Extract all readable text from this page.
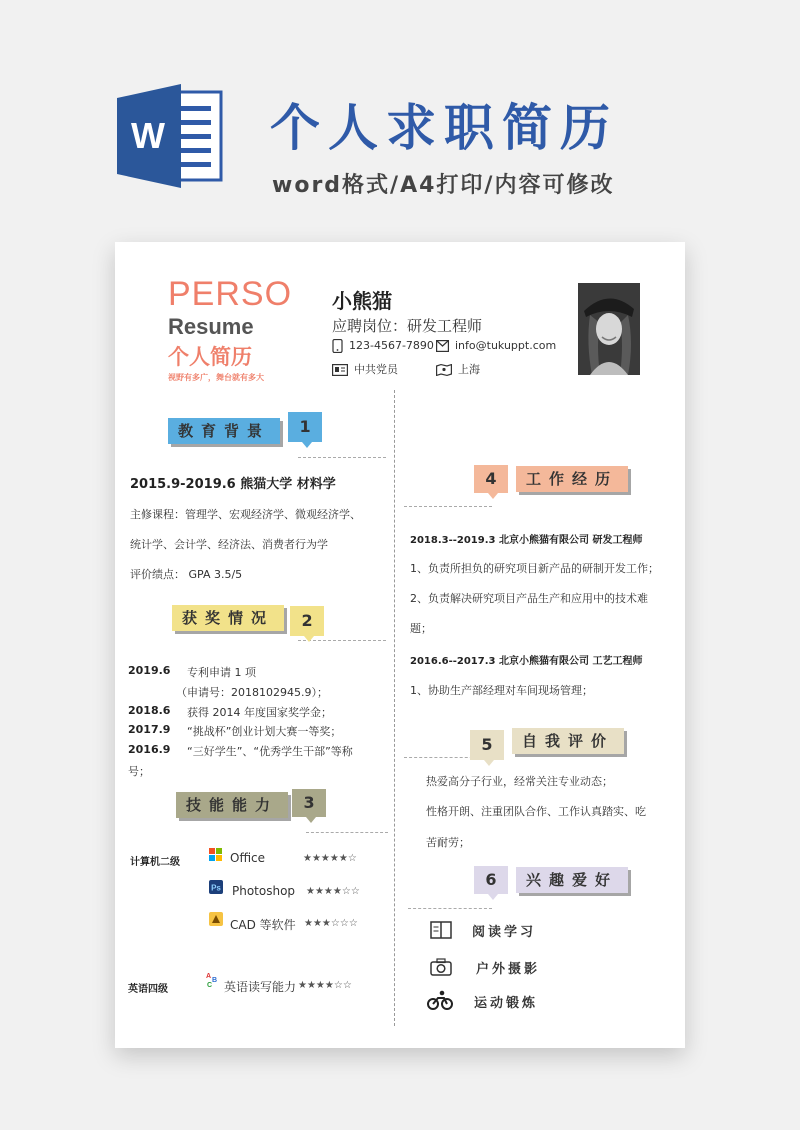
W 个人求职简历
word格式/A4打印/内容可修改
PERSO
Resume
个人简历
视野有多广，舞台就有多大
小熊猫
应聘岗位：研发工程师
123-4567-7890	info@tukuppt.com
中共党员	上海
教育背景	1
2015.9-2019.6 熊猫大学 材料学
主修课程：管理学、宏观经济学、微观经济学、
统计学、会计学、经济法、消费者行为学
评价绩点： GPA 3.5/5
获奖情况	2
2019.6 专利申请 1 项
（申请号：2018102945.9）；
2018.6 获得 2014 年度国家奖学金；
2017.9 “挑战杯”创业计划大赛一等奖；
2016.9 “三好学生”、“优秀学生干部”等称
号；
技能能力	3
计算机二级
英语四级
Office	★★★★★☆
Ps Photoshop ★★★★☆☆
CAD 等软件 ★★★☆☆☆
A
B
C 英语读写能力 ★★★★☆☆
4	工作经历
2018.3--2019.3 北京小熊猫有限公司 研发工程师
1、负责所担负的研究项目新产品的研制开发工作；
2、负责解决研究项目产品生产和应用中的技术难
题；
2016.6--2017.3 北京小熊猫有限公司 工艺工程师
1、协助生产部经理对车间现场管理；
5	自我评价
热爱高分子行业，经常关注专业动态；
性格开朗、注重团队合作、工作认真踏实、吃
苦耐劳；
6	兴趣爱好
阅读学习
户外摄影
运动锻炼
